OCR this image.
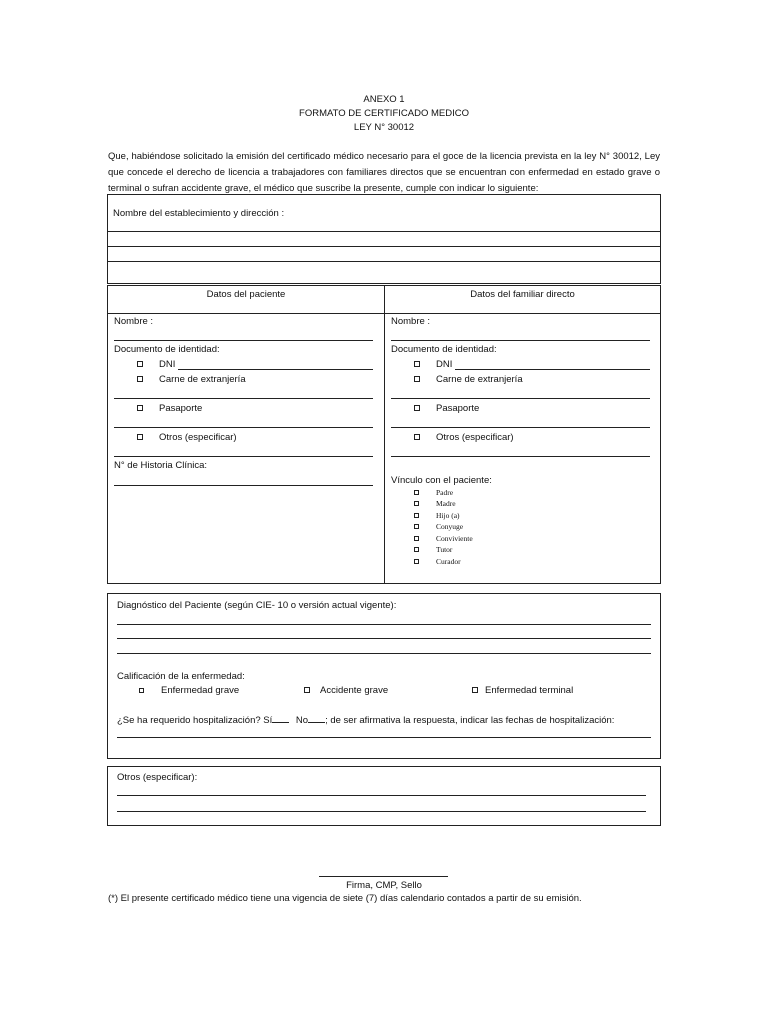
ANEXO 1
FORMATO DE CERTIFICADO MEDICO
LEY N° 30012
Que, habiéndose solicitado la emisión del certificado médico necesario para el goce de la licencia prevista en la ley N° 30012, Ley que concede el derecho de licencia a trabajadores con familiares directos que se encuentran con enfermedad en estado grave o terminal o sufran accidente grave, el médico que suscribe la presente, cumple con indicar lo siguiente:
Nombre del establecimiento y dirección :
Datos del paciente
Nombre :
Documento de identidad:
DNI
Carne de extranjería
Pasaporte
Otros (especificar)
N° de Historia Clínica:
Datos del familiar directo
Nombre :
Documento de identidad:
DNI
Carne de extranjería
Pasaporte
Otros (especificar)
Vínculo con el paciente:
Padre
Madre
Hijo (a)
Conyuge
Conviviente
Tutor
Curador
Diagnóstico del Paciente (según CIE- 10 o versión actual vigente):
Calificación de la enfermedad:
Enfermedad grave	Accidente grave	Enfermedad terminal
¿Se ha requerido hospitalización? Sí No ; de ser afirmativa la respuesta, indicar las fechas de hospitalización:
Otros (especificar):
Firma, CMP, Sello
(*) El presente certificado médico tiene una vigencia de siete (7) días calendario contados a partir de su emisión.
